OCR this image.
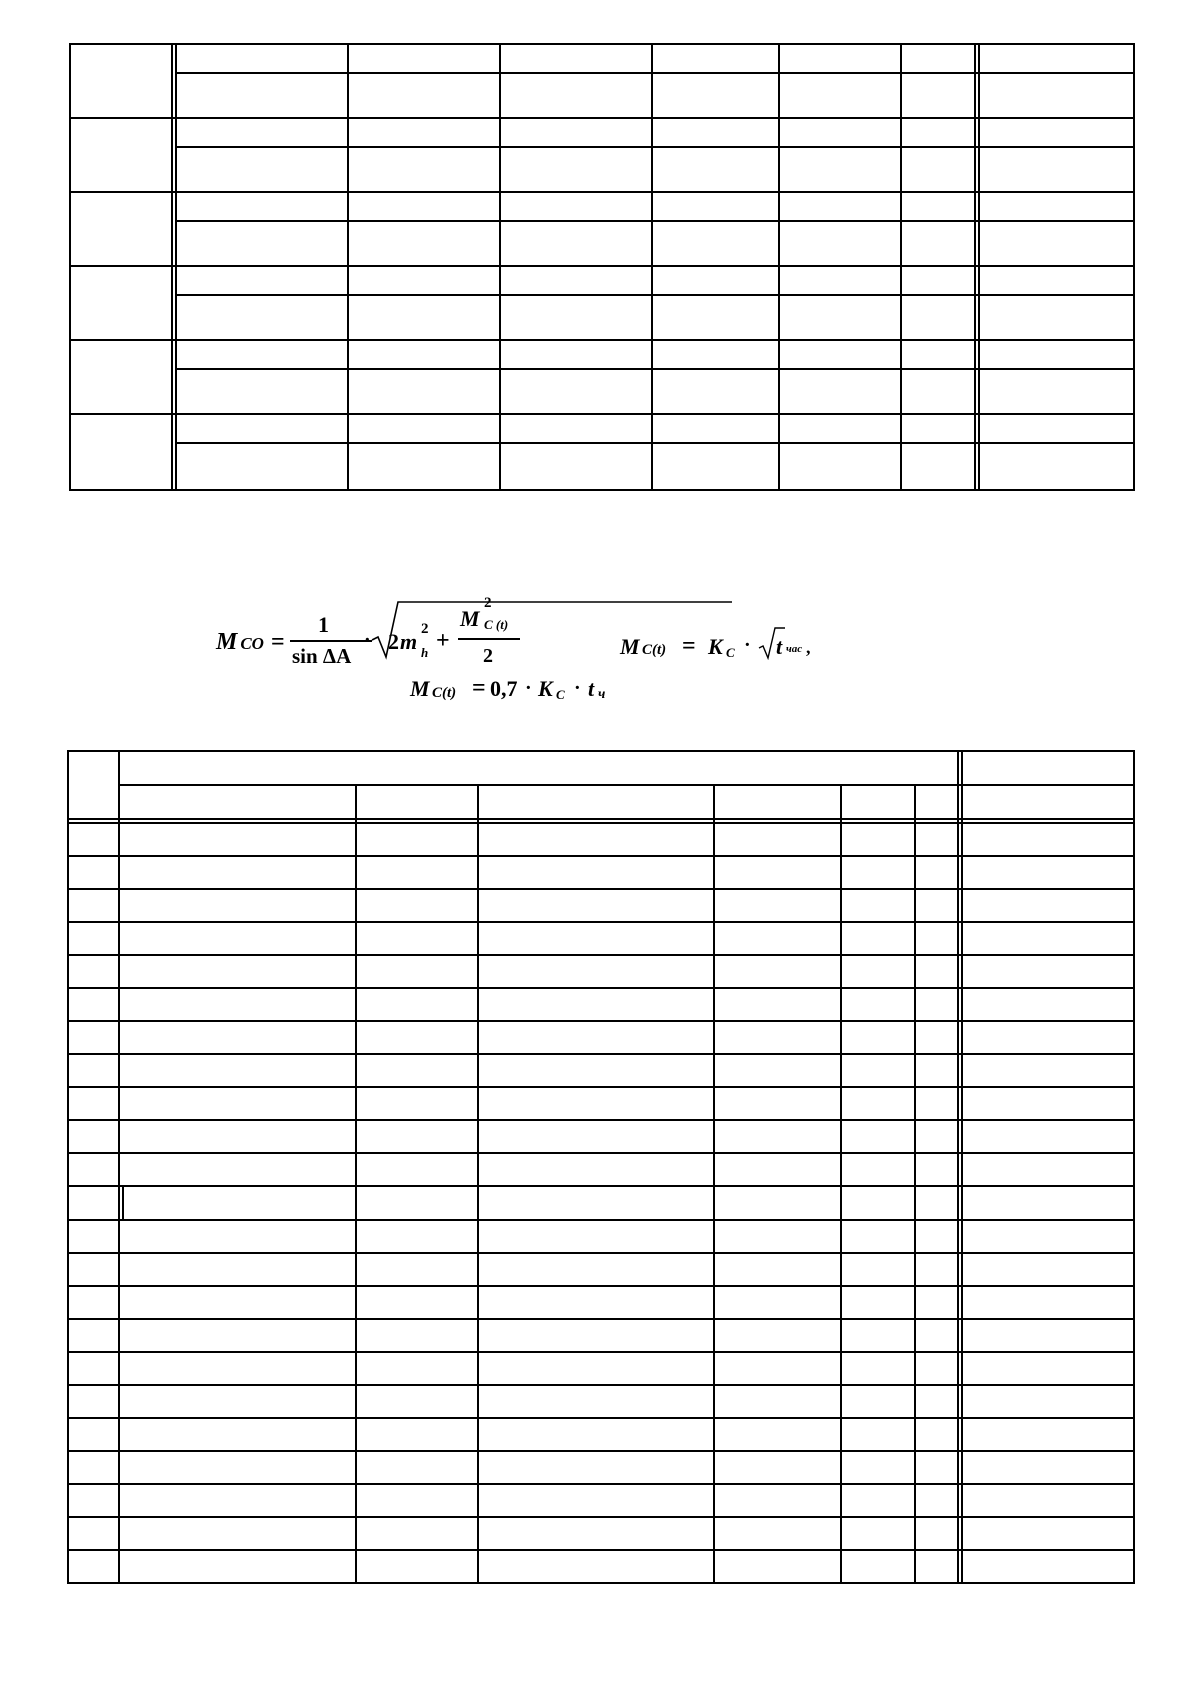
M CO =
1
sin ΔA
· 2 m 2
h +
M
2
C (t)
2	M C(t) = K C · t час ,
M C(t) = 0,7 · K C · t ч
